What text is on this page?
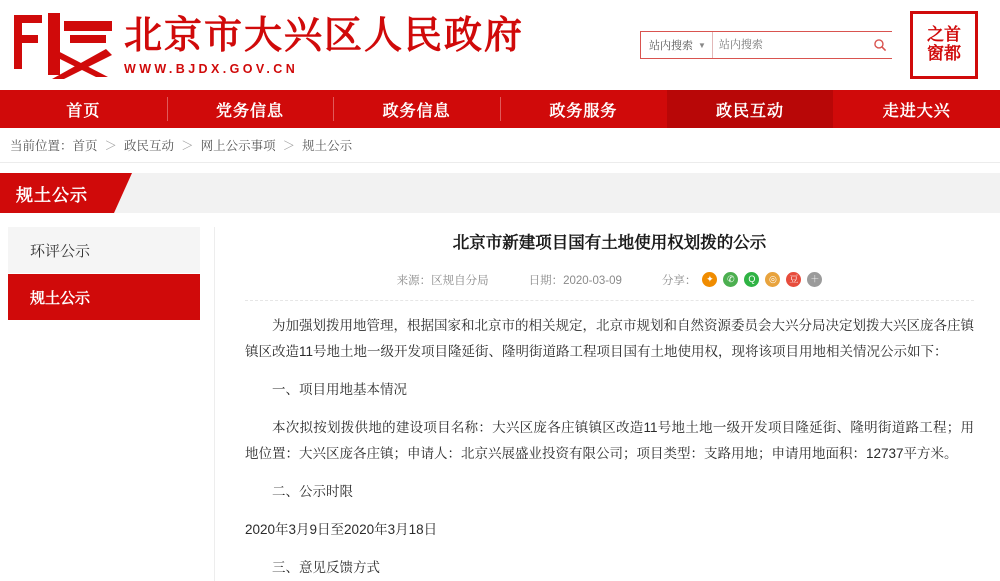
北京市大兴区人民政府
WWW.BJDX.GOV.CN
站内搜索 ▼
站内搜索	之首
窗都
首页	党务信息	政务信息	政务服务	政民互动	走进大兴
当前位置： 首页 ＞ 政民互动 ＞ 网上公示事项 ＞ 规土公示
规土公示
环评公示
规土公示
北京市新建项目国有土地使用权划拨的公示
来源：区规自分局	日期：2020-03-09	分享：	✦	✆	Q	◎	豆	＋

为加强划拨用地管理，根据国家和北京市的相关规定，北京市规划和自然资源委员会大兴分局决定划拨大兴区庞各庄镇镇区改造11号地土地一级开发项目隆延街、隆明街道路工程项目国有土地使用权，现将该项目用地相关情况公示如下：

一、项目用地基本情况

本次拟按划拨供地的建设项目名称：大兴区庞各庄镇镇区改造11号地土地一级开发项目隆延街、隆明街道路工程；用地位置：大兴区庞各庄镇；申请人：北京兴展盛业投资有限公司；项目类型：支路用地；申请用地面积：12737平方米。

二、公示时限

2020年3月9日至2020年3月18日

三、意见反馈方式
